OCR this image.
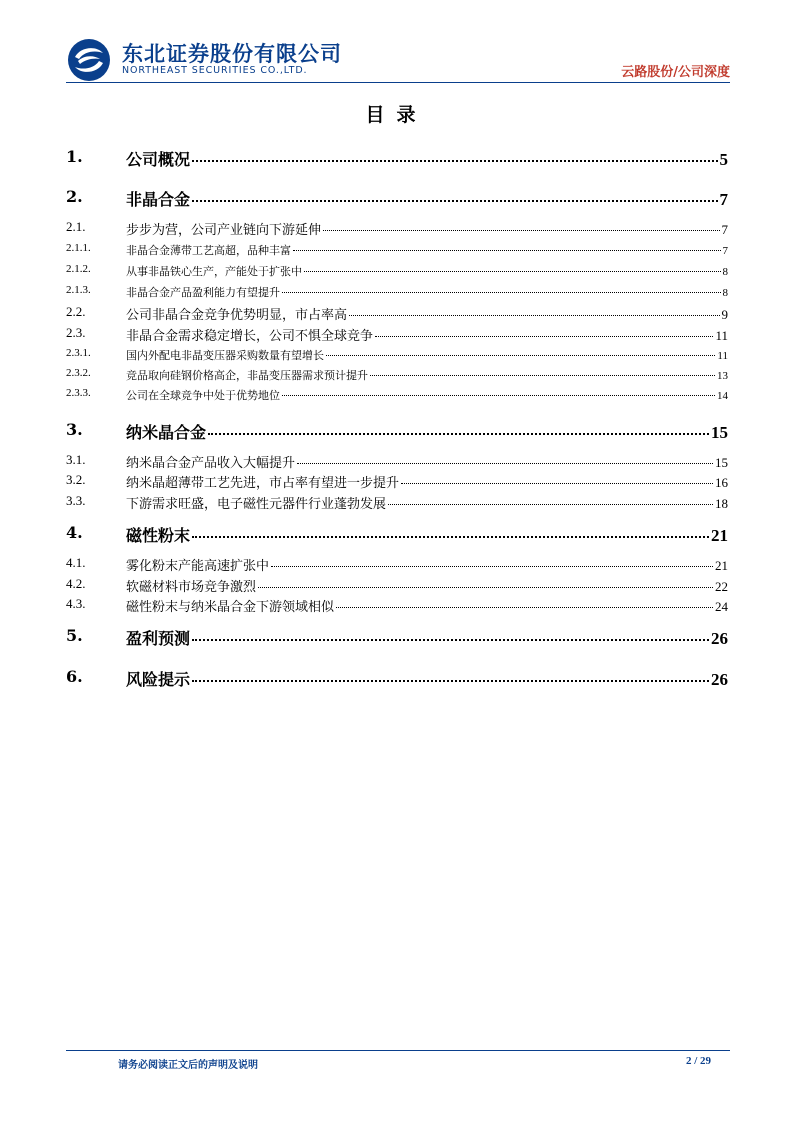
东北证券股份有限公司
NORTHEAST SECURITIES CO.,LTD.	云路股份/公司深度
目录
1.	公司概况	5
2.	非晶合金	7
2.1.	步步为营，公司产业链向下游延伸	7
2.1.1.	非晶合金薄带工艺高超，品种丰富	7
2.1.2.	从事非晶铁心生产，产能处于扩张中	8
2.1.3.	非晶合金产品盈利能力有望提升	8
2.2.	公司非晶合金竞争优势明显，市占率高	9
2.3.	非晶合金需求稳定增长，公司不惧全球竞争	11
2.3.1.	国内外配电非晶变压器采购数量有望增长	11
2.3.2.	竞品取向硅钢价格高企，非晶变压器需求预计提升	13
2.3.3.	公司在全球竞争中处于优势地位	14
3.	纳米晶合金	15
3.1.	纳米晶合金产品收入大幅提升	15
3.2.	纳米晶超薄带工艺先进，市占率有望进一步提升	16
3.3.	下游需求旺盛，电子磁性元器件行业蓬勃发展	18
4.	磁性粉末	21
4.1.	雾化粉末产能高速扩张中	21
4.2.	软磁材料市场竞争激烈	22
4.3.	磁性粉末与纳米晶合金下游领域相似	24
5.	盈利预测	26
6.	风险提示	26
请务必阅读正文后的声明及说明	2 / 29
